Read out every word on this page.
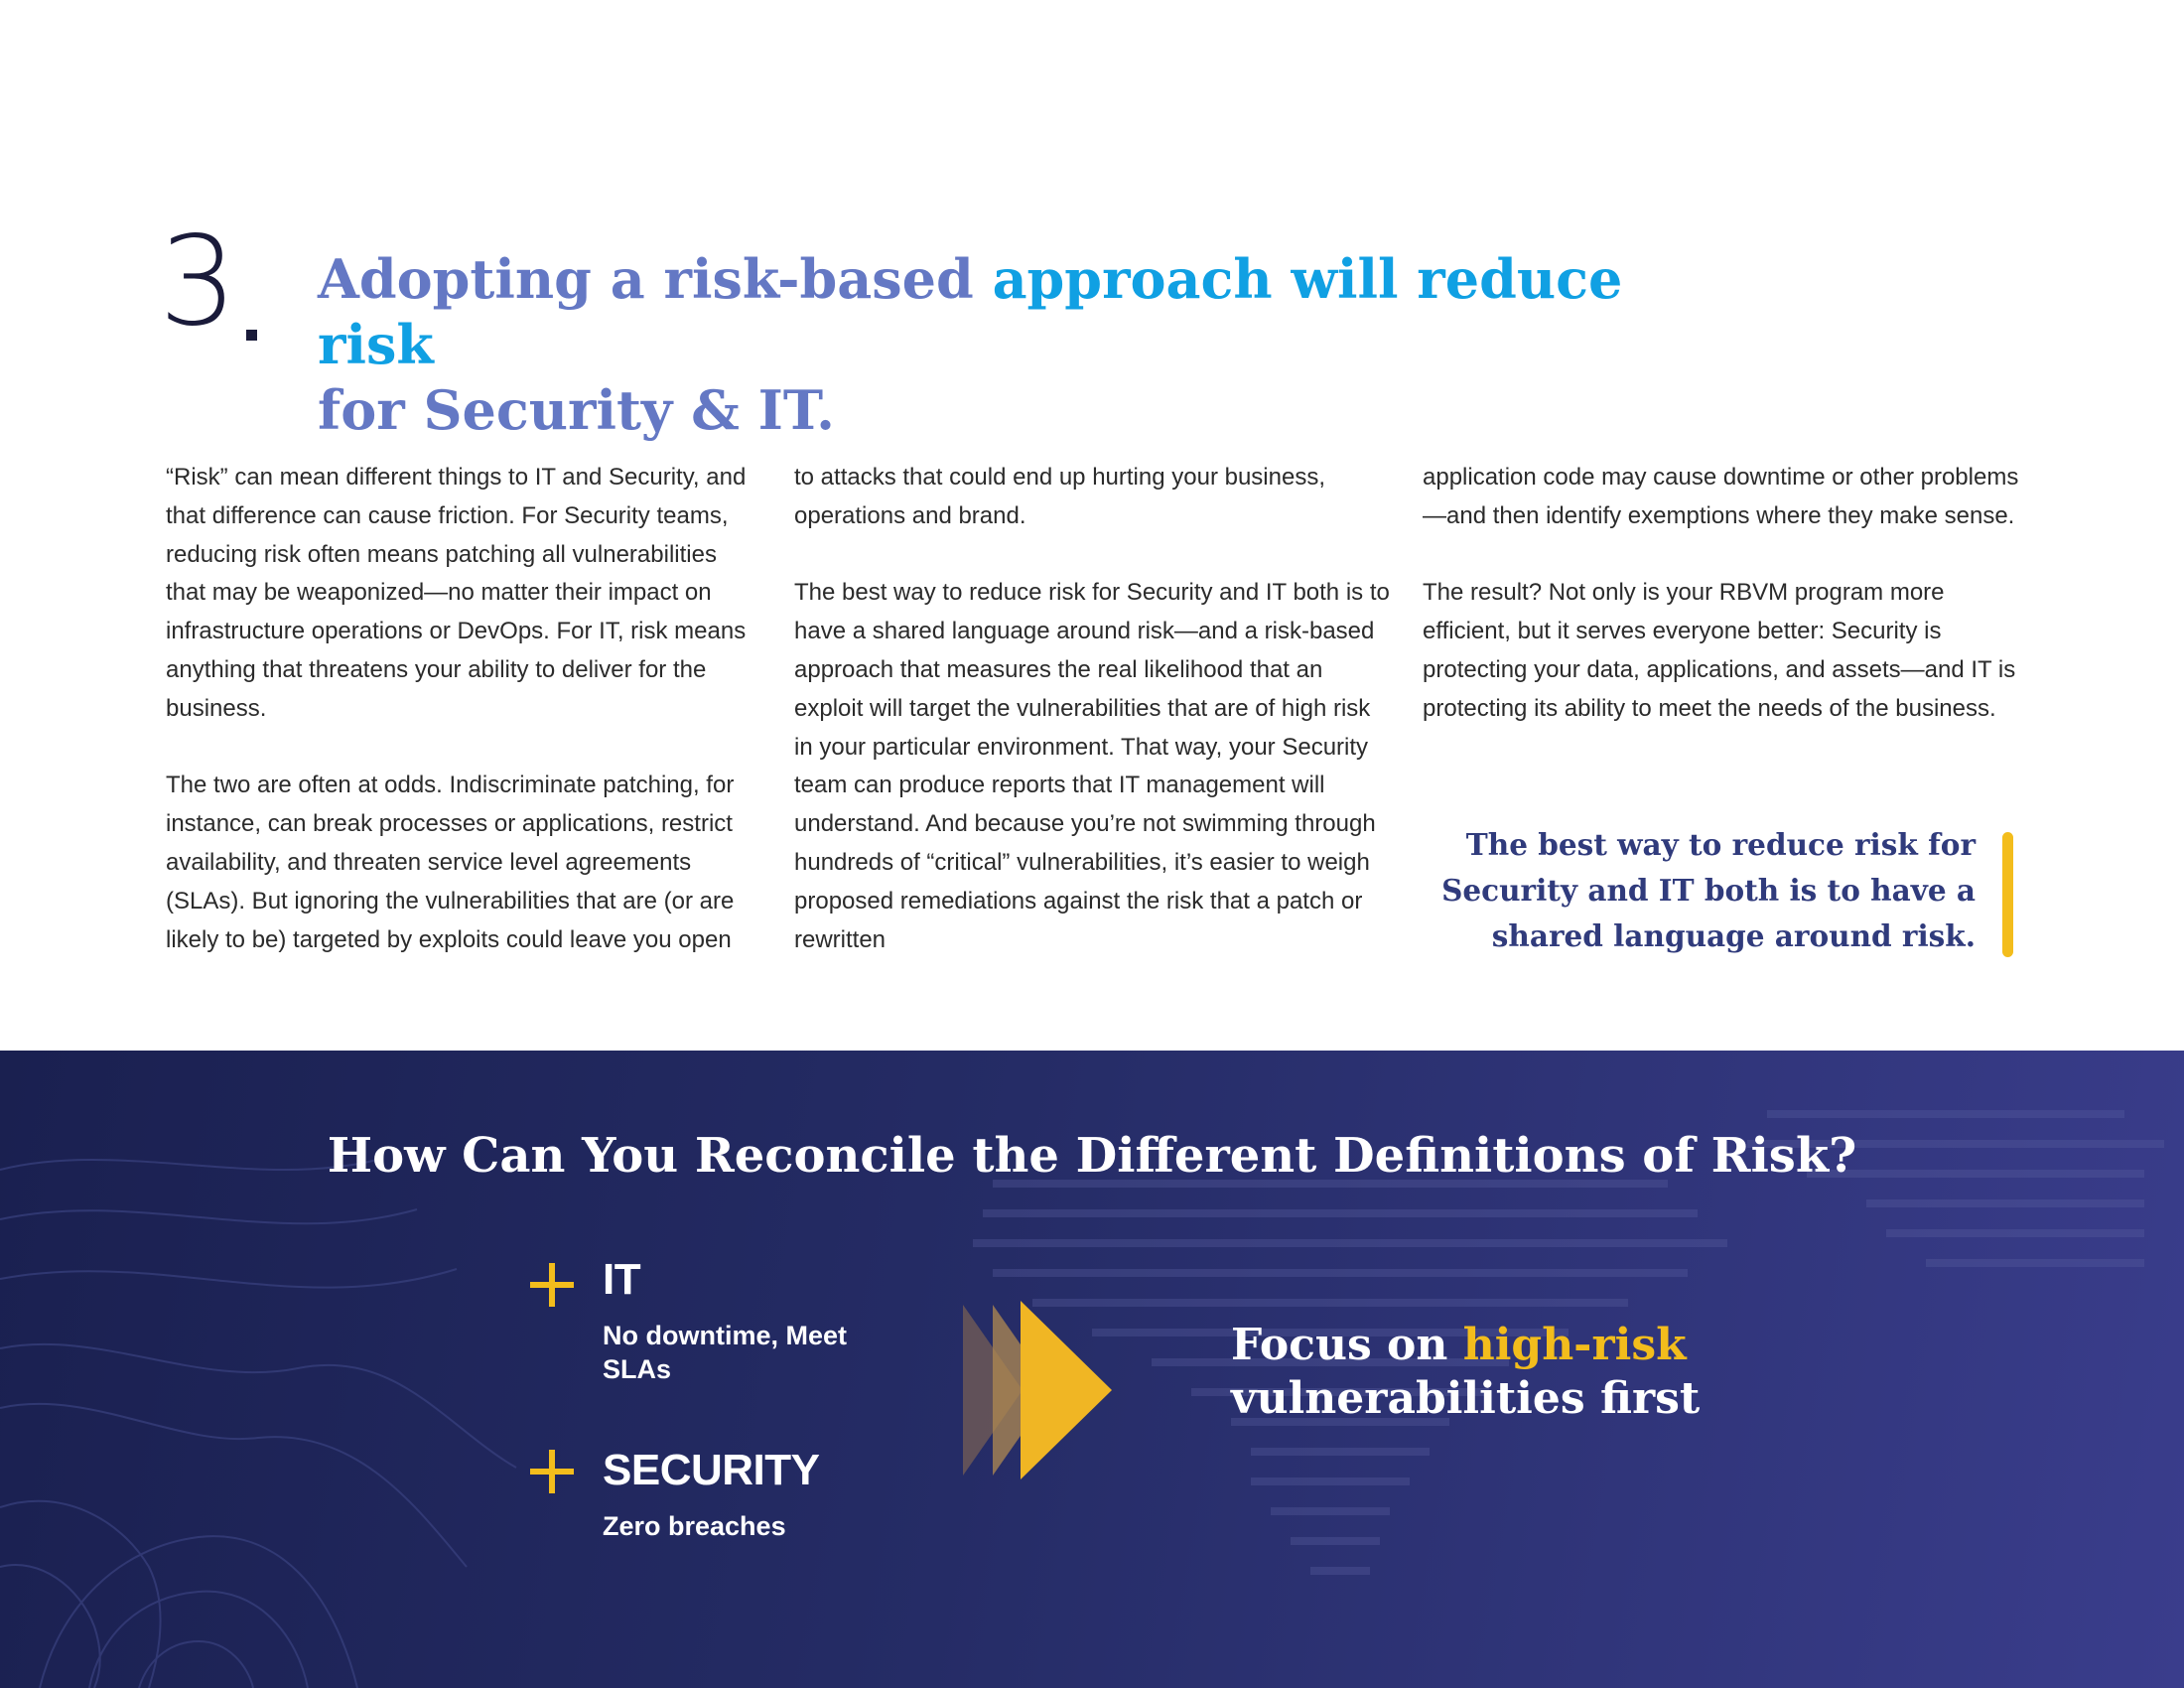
3 Adopting a risk-based approach will reduce risk
for Security & IT.

“Risk” can mean different things to IT and Security, and that difference can cause friction. For Security teams, reducing risk often means patching all vulnerabilities that may be weaponized—no matter their impact on infrastructure operations or DevOps. For IT, risk means anything that threatens your ability to deliver for the business.

The two are often at odds. Indiscriminate patching, for instance, can break processes or applications, restrict availability, and threaten service level agreements (SLAs). But ignoring the vulnerabilities that are (or are likely to be) targeted by exploits could leave you open

to attacks that could end up hurting your business, operations and brand.

The best way to reduce risk for Security and IT both is to have a shared language around risk—and a risk-based approach that measures the real likelihood that an exploit will target the vulnerabilities that are of high risk in your particular environment. That way, your Security team can produce reports that IT management will understand. And because you’re not swimming through hundreds of “critical” vulnerabilities, it’s easier to weigh proposed remediations against the risk that a patch or rewritten

application code may cause downtime or other problems—and then identify exemptions where they make sense.

The result? Not only is your RBVM program more efficient, but it serves everyone better: Security is protecting your data, applications, and assets—and IT is protecting its ability to meet the needs of the business.

The best way to reduce risk for Security and IT both is to have a shared language around risk.
How Can You Reconcile the Different Definitions of Risk?
IT
No downtime, Meet SLAs
SECURITY
Zero breaches
Focus on high-risk
vulnerabilities first
